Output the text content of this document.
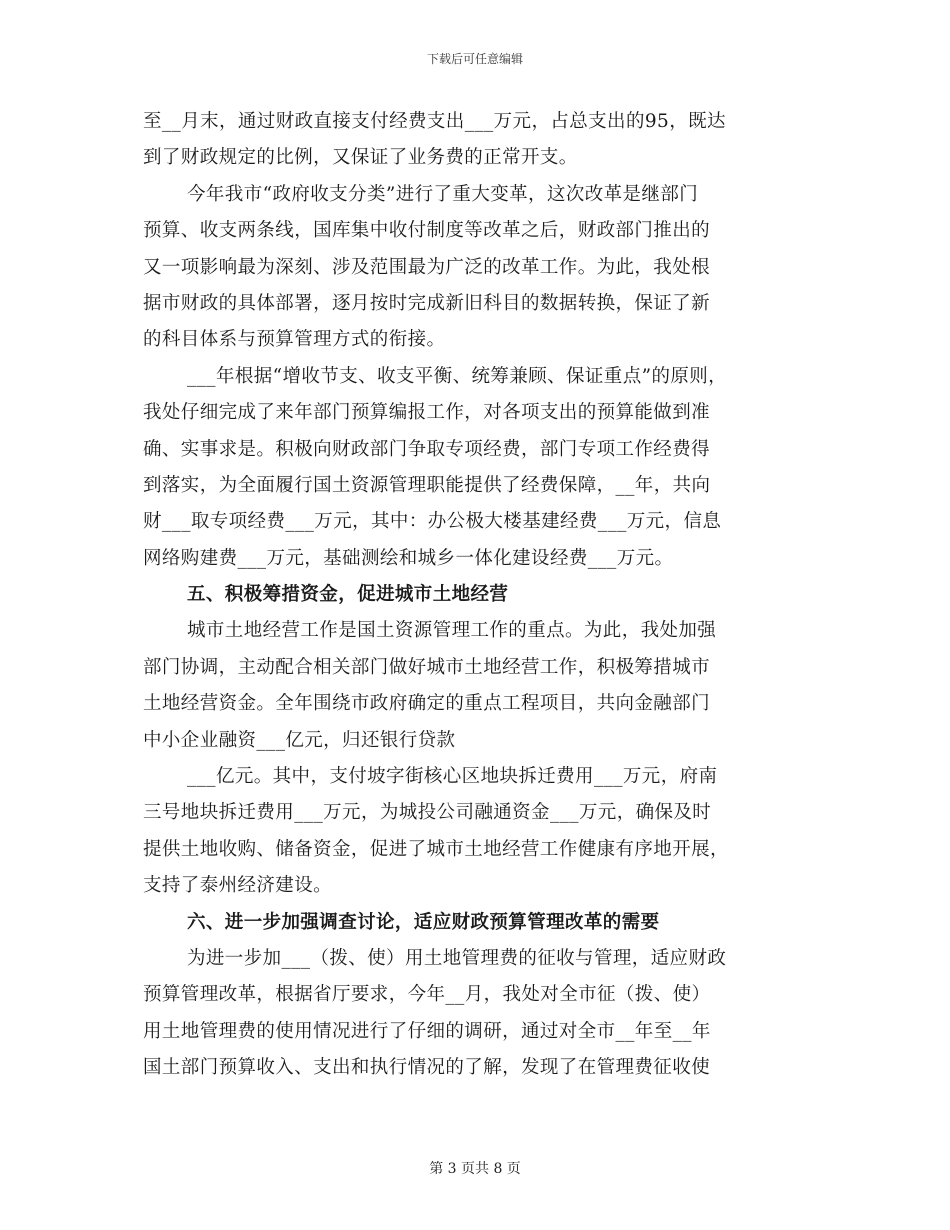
下载后可任意编辑
至__月末，通过财政直接支付经费支出___万元，占总支出的95，既达
到了财政规定的比例，又保证了业务费的正常开支。
今年我市“政府收支分类”进行了重大变革，这次改革是继部门
预算、收支两条线，国库集中收付制度等改革之后，财政部门推出的
又一项影响最为深刻、涉及范围最为广泛的改革工作。为此，我处根
据市财政的具体部署，逐月按时完成新旧科目的数据转换，保证了新
的科目体系与预算管理方式的衔接。
___年根据“增收节支、收支平衡、统筹兼顾、保证重点”的原则，
我处仔细完成了来年部门预算编报工作，对各项支出的预算能做到准
确、实事求是。积极向财政部门争取专项经费，部门专项工作经费得
到落实，为全面履行国土资源管理职能提供了经费保障，__年，共向
财___取专项经费___万元，其中：办公极大楼基建经费___万元，信息
网络购建费___万元，基础测绘和城乡一体化建设经费___万元。
五、积极筹措资金，促进城市土地经营
城市土地经营工作是国土资源管理工作的重点。为此，我处加强
部门协调，主动配合相关部门做好城市土地经营工作，积极筹措城市
土地经营资金。全年围绕市政府确定的重点工程项目，共向金融部门
中小企业融资___亿元，归还银行贷款
___亿元。其中，支付坡字街核心区地块拆迁费用___万元，府南
三号地块拆迁费用___万元，为城投公司融通资金___万元，确保及时
提供土地收购、储备资金，促进了城市土地经营工作健康有序地开展，
支持了泰州经济建设。
六、进一步加强调查讨论，适应财政预算管理改革的需要
为进一步加___（拨、使）用土地管理费的征收与管理，适应财政
预算管理改革，根据省厅要求，今年__月，我处对全市征（拨、使）
用土地管理费的使用情况进行了仔细的调研，通过对全市__年至__年
国土部门预算收入、支出和执行情况的了解，发现了在管理费征收使
第 3 页共 8 页
